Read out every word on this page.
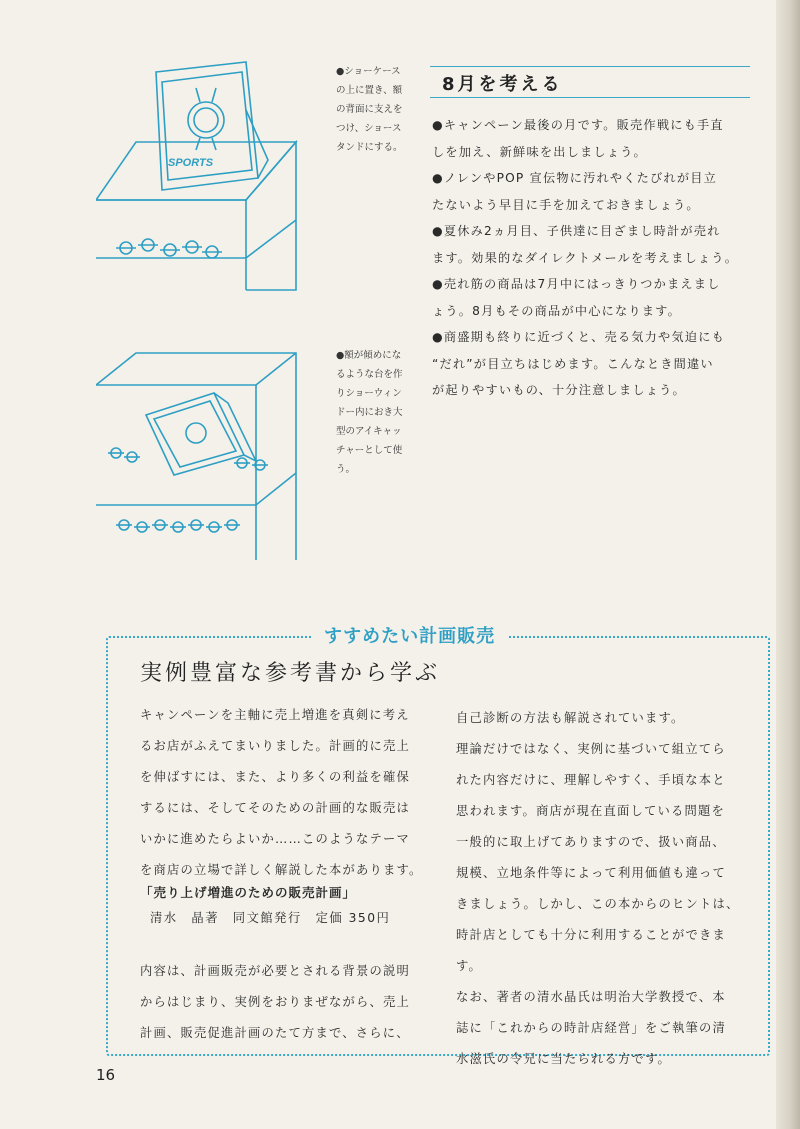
SPORTS
●ショーケース
の上に置き、額
の背面に支えを
つけ、ショース
タンドにする。
●額が傾めにな
るような台を作
りショーウィン
ドー内におき大
型のアイキャッ
チャーとして使
う。
8月を考える
●キャンペーン最後の月です。販売作戦にも手直
しを加え、新鮮味を出しましょう。
●ノレンやPOP 宣伝物に汚れやくたびれが目立
たないよう早目に手を加えておきましょう。
●夏休み2ヵ月目、子供達に目ざまし時計が売れ
ます。効果的なダイレクトメールを考えましょう。
●売れ筋の商品は7月中にはっきりつかまえまし
ょう。8月もその商品が中心になります。
●商盛期も終りに近づくと、売る気力や気迫にも
“だれ”が目立ちはじめます。こんなとき間違い
が起りやすいもの、十分注意しましょう。
すすめたい計画販売
実例豊富な参考書から学ぶ
キャンペーンを主軸に売上増進を真剣に考え
るお店がふえてまいりました。計画的に売上
を伸ばすには、また、より多くの利益を確保
するには、そしてそのための計画的な販売は
いかに進めたらよいか……このようなテーマ
を商店の立場で詳しく解説した本があります。
「売り上げ増進のための販売計画」
清水　晶著　同文館発行　定価 350円
内容は、計画販売が必要とされる背景の説明
からはじまり、実例をおりまぜながら、売上
計画、販売促進計画のたて方まで、さらに、
自己診断の方法も解説されています。
理論だけではなく、実例に基づいて組立てら
れた内容だけに、理解しやすく、手頃な本と
思われます。商店が現在直面している問題を
一般的に取上げてありますので、扱い商品、
規模、立地条件等によって利用価値も違って
きましょう。しかし、この本からのヒントは、
時計店としても十分に利用することができま
す。
なお、著者の清水晶氏は明治大学教授で、本
誌に「これからの時計店経営」をご執筆の清
水滋氏の令兄に当たられる方です。
16
